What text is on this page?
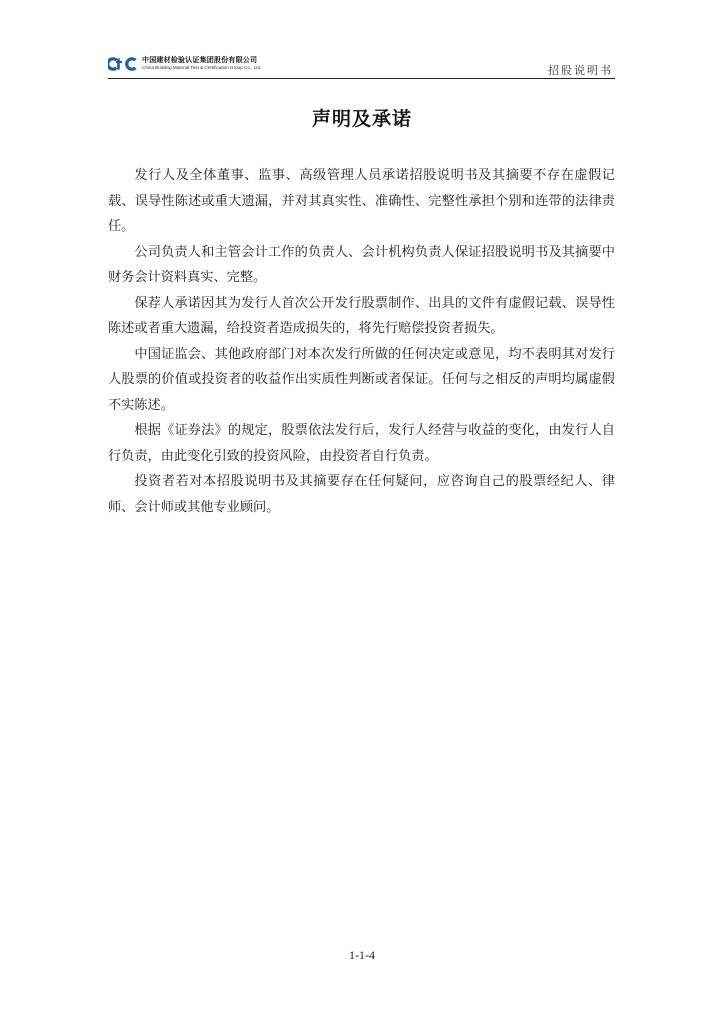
中国建材检验认证集团股份有限公司
China Building Material Test & Certification Group Co., Ltd.	招股说明书
声明及承诺

发行人及全体董事、监事、高级管理人员承诺招股说明书及其摘要不存在虚假记载、误导性陈述或重大遗漏，并对其真实性、准确性、完整性承担个别和连带的法律责任。

公司负责人和主管会计工作的负责人、会计机构负责人保证招股说明书及其摘要中财务会计资料真实、完整。

保荐人承诺因其为发行人首次公开发行股票制作、出具的文件有虚假记载、误导性陈述或者重大遗漏，给投资者造成损失的，将先行赔偿投资者损失。

中国证监会、其他政府部门对本次发行所做的任何决定或意见，均不表明其对发行人股票的价值或投资者的收益作出实质性判断或者保证。任何与之相反的声明均属虚假不实陈述。

根据《证券法》的规定，股票依法发行后，发行人经营与收益的变化，由发行人自行负责，由此变化引致的投资风险，由投资者自行负责。

投资者若对本招股说明书及其摘要存在任何疑问，应咨询自己的股票经纪人、律师、会计师或其他专业顾问。

1-1-4
